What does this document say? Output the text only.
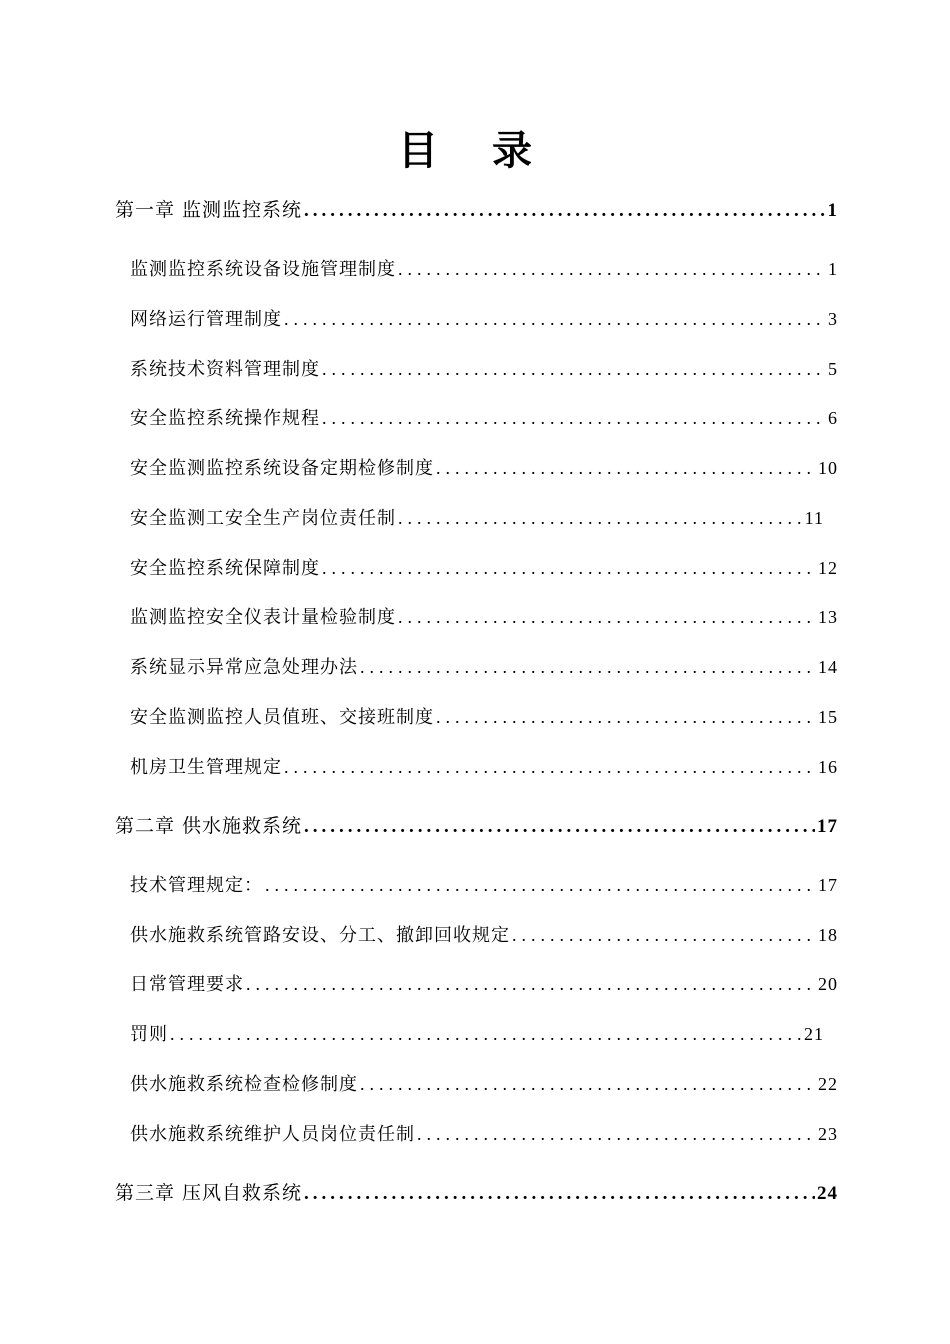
目 录
第一章 监测监控系统 .....	1
监测监控系统设备设施管理制度 .....	1
网络运行管理制度 .....	3
系统技术资料管理制度 .....	5
安全监控系统操作规程 .....	6
安全监测监控系统设备定期检修制度 .....	10
安全监测工安全生产岗位责任制 .....	11
安全监控系统保障制度 .....	12
监测监控安全仪表计量检验制度 .....	13
系统显示异常应急处理办法 .....	14
安全监测监控人员值班、交接班制度 .....	15
机房卫生管理规定 .....	16
第二章 供水施救系统 .....	17
技术管理规定： .....	17
供水施救系统管路安设、分工、撤卸回收规定 .....	18
日常管理要求 .....	20
罚则 .....	21
供水施救系统检查检修制度 .....	22
供水施救系统维护人员岗位责任制 .....	23
第三章 压风自救系统 .....	24
